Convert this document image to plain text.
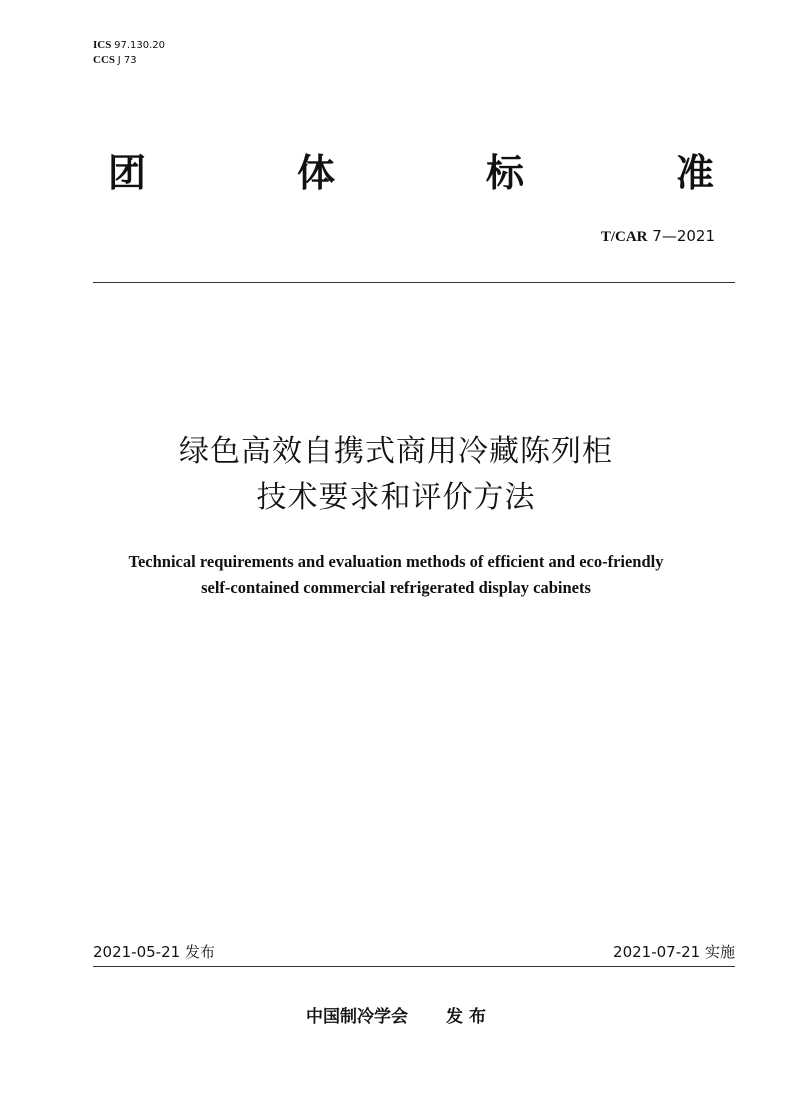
ICS 97.130.20
CCS J 73
团	体	标	准
T/CAR 7—2021
绿色高效自携式商用冷藏陈列柜
技术要求和评价方法
Technical requirements and evaluation methods of efficient and eco-friendly
self-contained commercial refrigerated display cabinets
2021-05-21 发布	2021-07-21 实施
中国制冷学会 发 布
